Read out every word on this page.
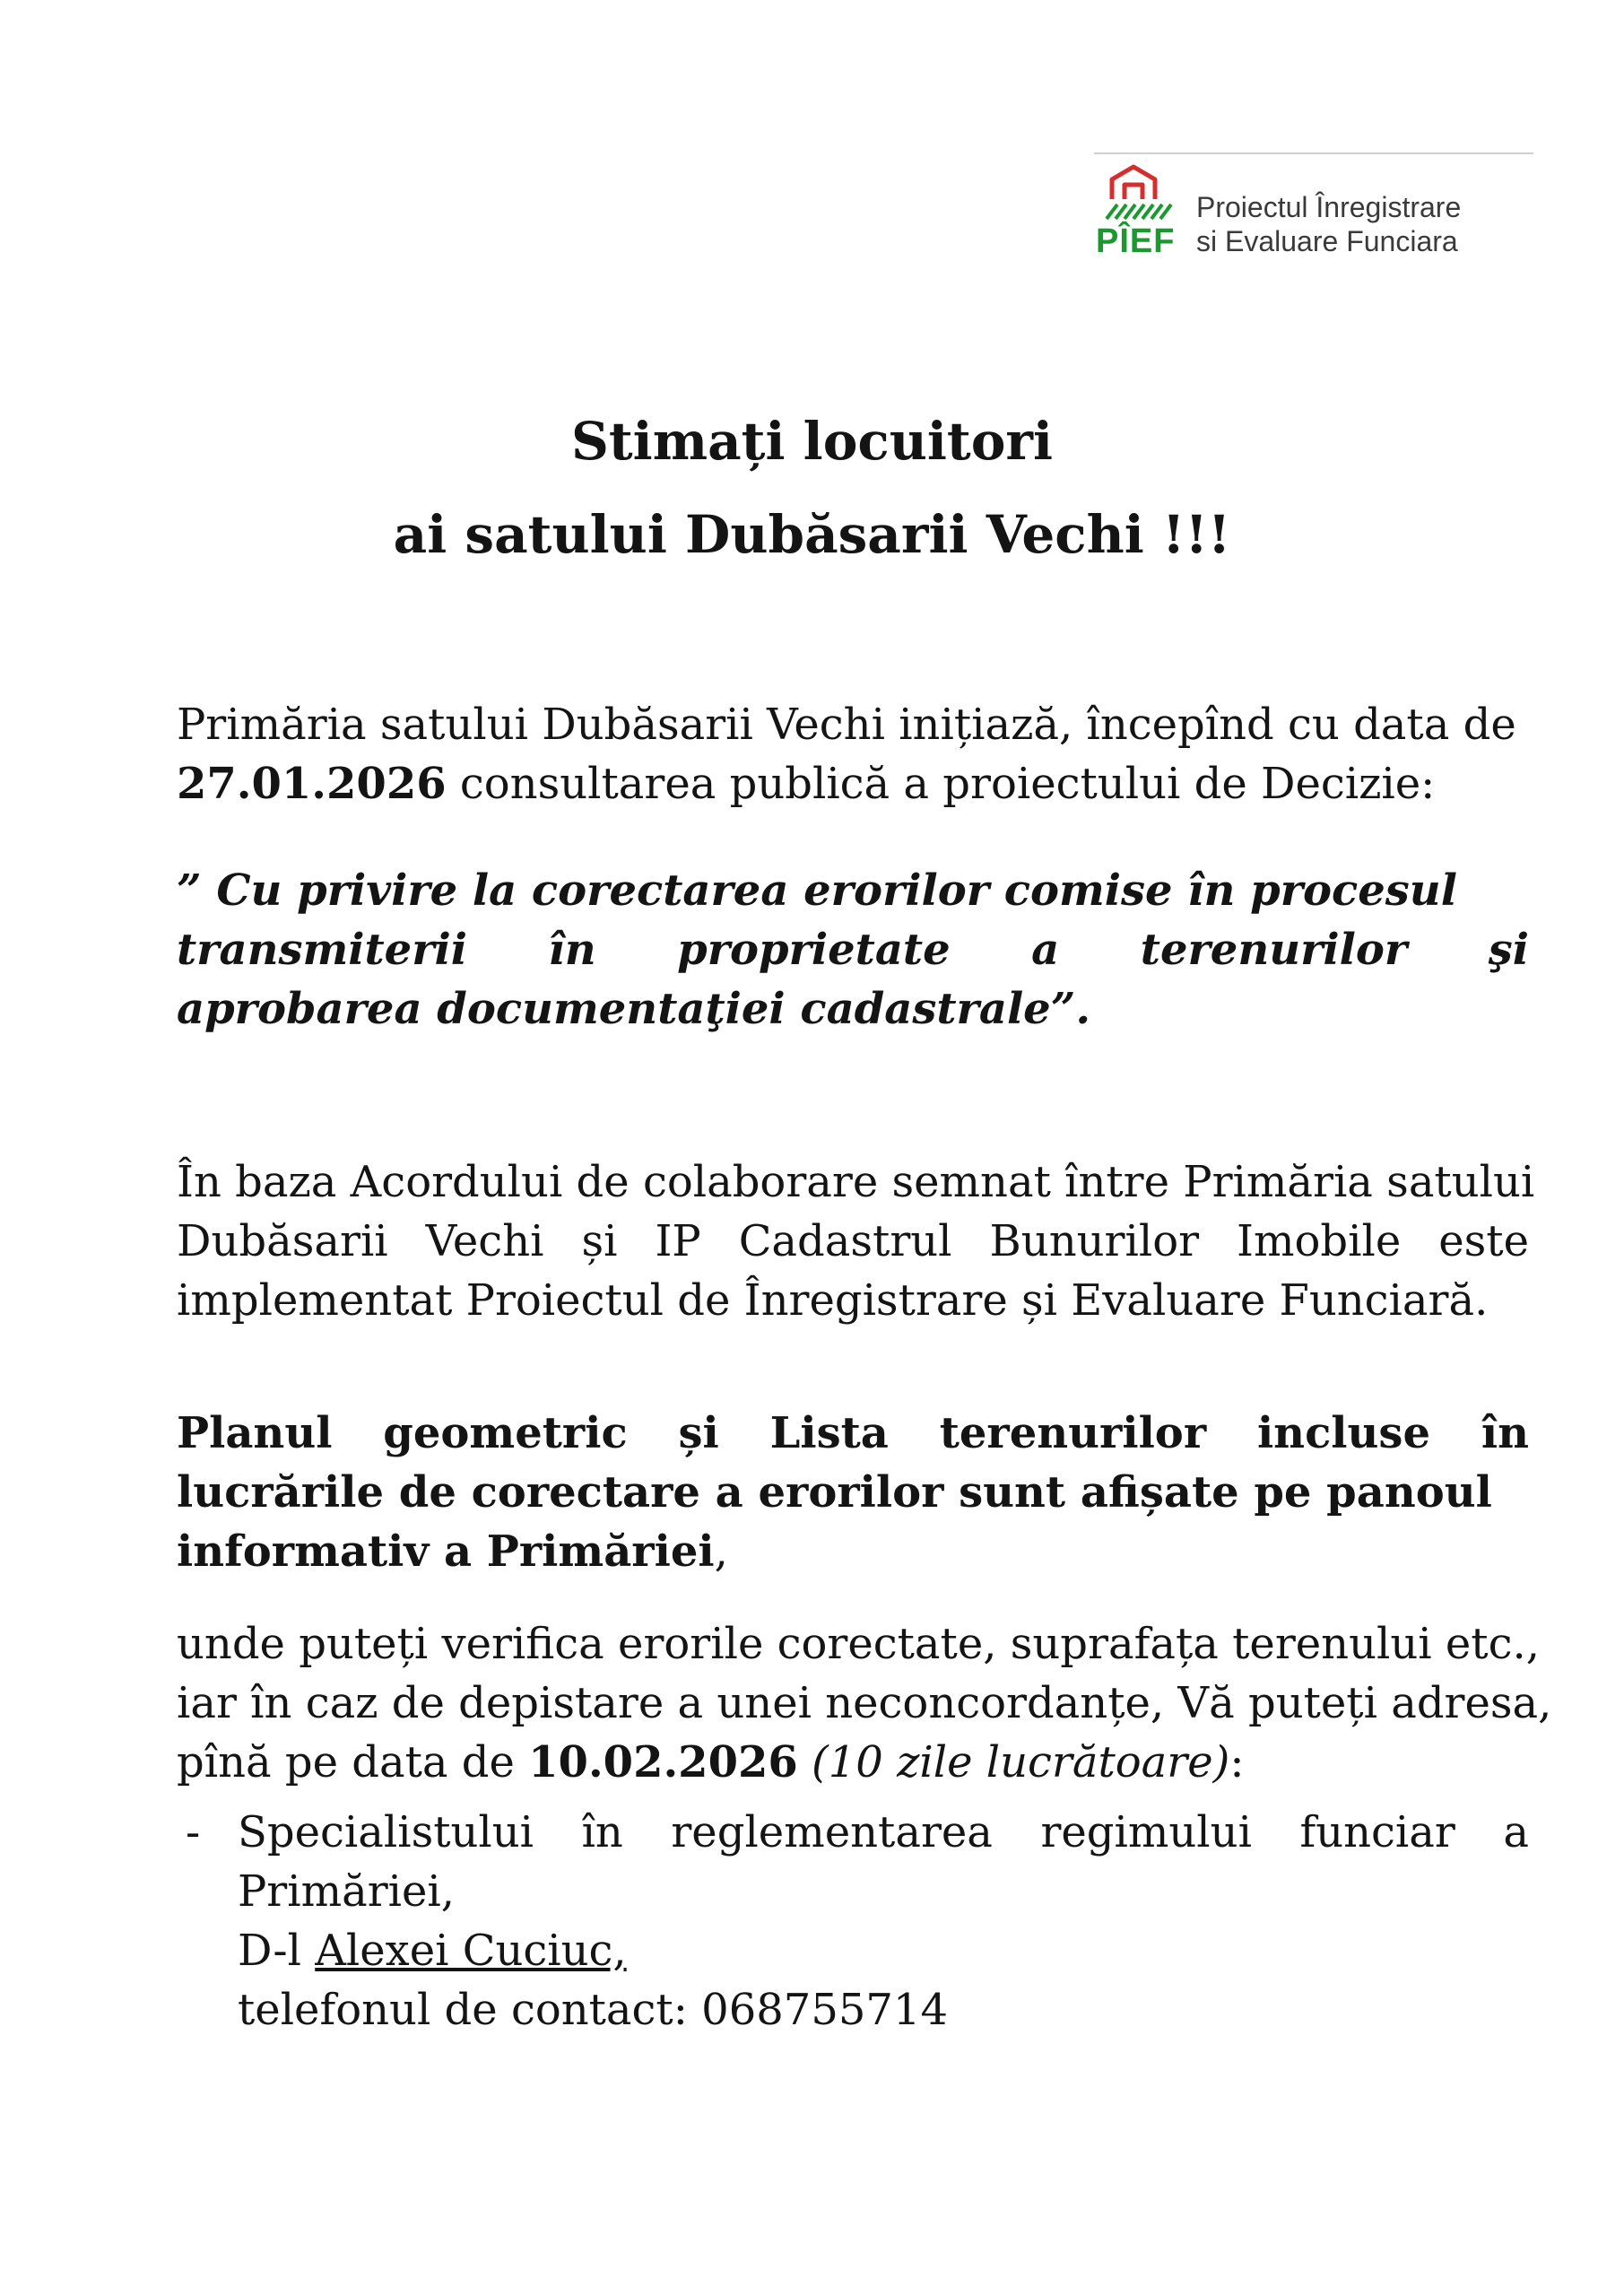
PÎEF
Proiectul Înregistrare
si Evaluare Funciara
Stimați locuitori
ai satului Dubăsarii Vechi !!!
Primăria satului Dubăsarii Vechi inițiază, începînd cu data de
27.01.2026 consultarea publică a proiectului de Decizie:
” Cu privire la corectarea erorilor comise în procesul
transmiterii în proprietate a terenurilor şi
aprobarea documentaţiei cadastrale”.
În baza Acordului de colaborare semnat între Primăria satului
Dubăsarii Vechi și IP Cadastrul Bunurilor Imobile este
implementat Proiectul de Înregistrare și Evaluare Funciară.
Planul geometric și Lista terenurilor incluse în
lucrările de corectare a erorilor sunt afișate pe panoul
informativ a Primăriei,
unde puteți verifica erorile corectate, suprafața terenului etc.,
iar în caz de depistare a unei neconcordanțe, Vă puteți adresa,
pînă pe data de 10.02.2026 (10 zile lucrătoare):
- Specialistului în reglementarea regimului funciar a
Primăriei,
D-l Alexei Cuciuc,
telefonul de contact: 068755714
